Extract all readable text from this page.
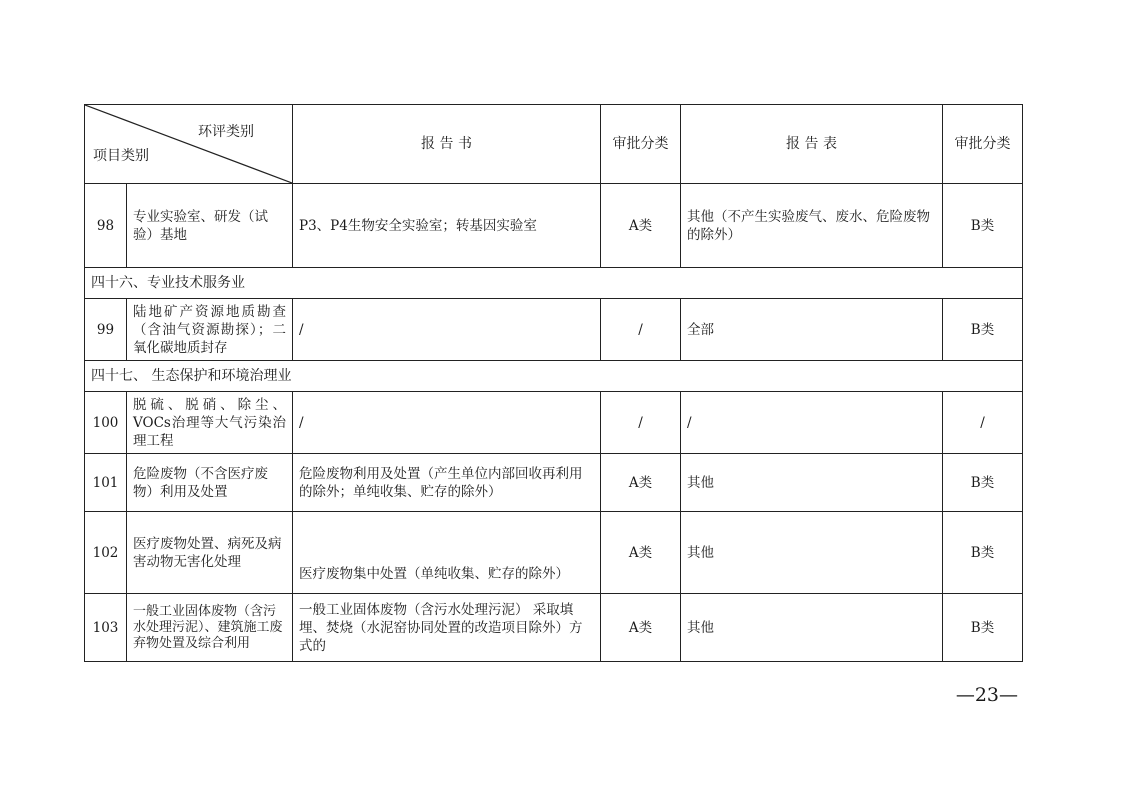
环评类别
项目类别		报 告 书	审批分类	报 告 表	审批分类
98	专业实验室、研发（试验）基地	P3、P4生物安全实验室；转基因实验室	A类	其他（不产生实验废气、废水、危险废物的除外）	B类
四十六、专业技术服务业					
99	陆地矿产资源地质勘查（含油气资源勘探）；二氧化碳地质封存	/	/	全部	B类
四十七、 生态保护和环境治理业					
100	脱硫、脱硝、除尘、VOCs治理等大气污染治理工程	/	/	/	/
101	危险废物（不含医疗废物）利用及处置	危险废物利用及处置（产生单位内部回收再利用的除外；单纯收集、贮存的除外）	A类	其他	B类
102	医疗废物处置、病死及病害动物无害化处理	医疗废物集中处置（单纯收集、贮存的除外）	A类	其他	B类
103	一般工业固体废物（含污水处理污泥）、建筑施工废弃物处置及综合利用	一般工业固体废物（含污水处理污泥） 采取填埋、焚烧（水泥窑协同处置的改造项目除外）方式的	A类	其他	B类
—23—
